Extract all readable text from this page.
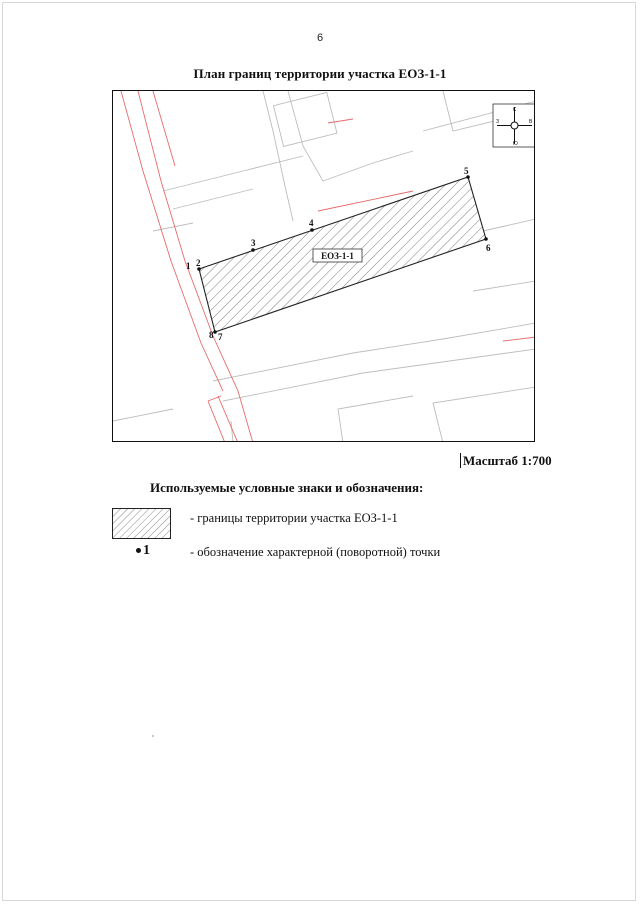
6
План границ территории участка ЕОЗ-1-1
ЕОЗ-1-1
1 2
3
4
5
6
7
8
С
Ю
З	В
Масштаб 1:700
Используемые условные знаки и обозначения:
- границы территории участка ЕОЗ-1-1
1	- обозначение характерной (поворотной) точки
